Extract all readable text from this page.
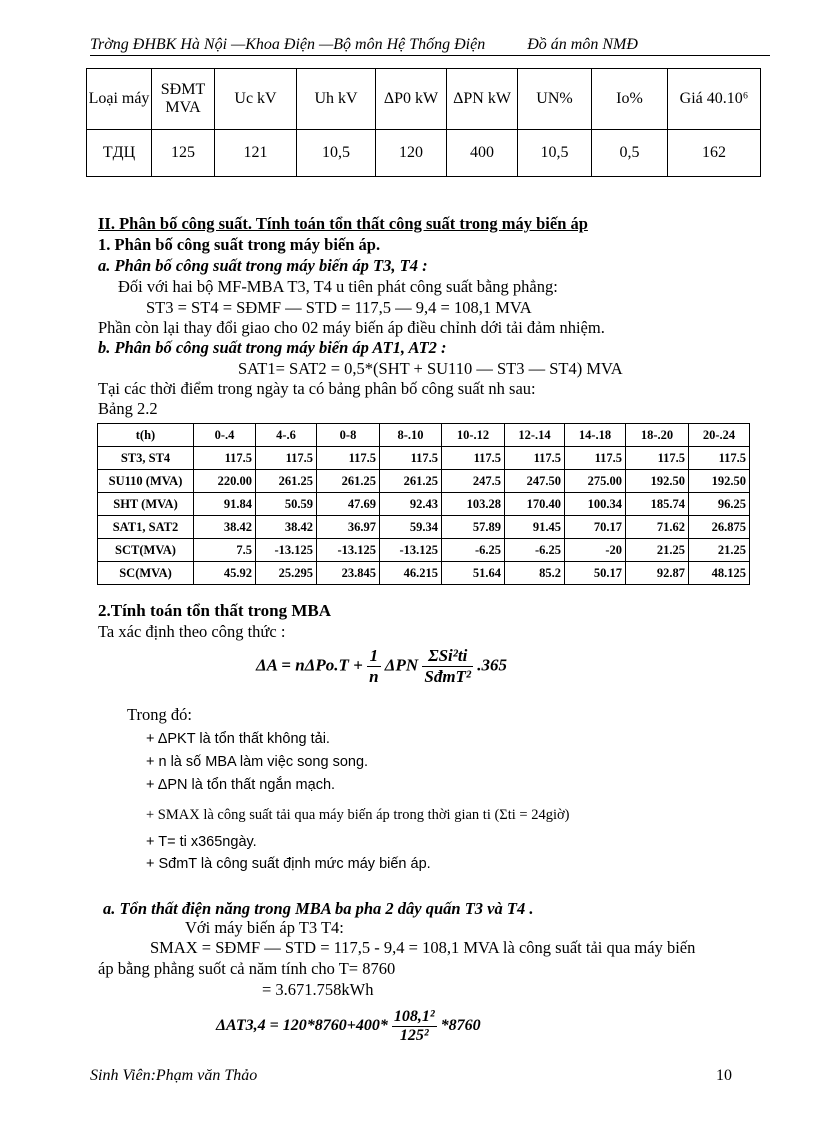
Trờng ĐHBK Hà Nội —Khoa Điện —Bộ môn Hệ Thống Điện	Đồ án môn NMĐ
Loại máy	SĐMT MVA	Uc kV	Uh kV	ΔP0 kW	ΔPN kW	UN%	Io%	Giá 40.10⁶
TДЦ	125	121	10,5	120	400	10,5	0,5	162
II. Phân bố công suất. Tính toán tổn thất công suất trong máy biến áp
1. Phân bố công suất trong máy biến áp.
a. Phân bố công suất trong máy biến áp T3, T4 :
Đối với hai bộ MF-MBA T3, T4 u tiên phát công suất bằng phẳng:
ST3 = ST4 = SĐMF — STD = 117,5 — 9,4 = 108,1 MVA
Phần còn lại thay đổi giao cho 02 máy biến áp điều chỉnh dới tải đảm nhiệm.
b. Phân bố công suất trong máy biến áp AT1, AT2 :
SAT1= SAT2 = 0,5*(SHT + SU110 — ST3 — ST4) MVA
Tại các thời điểm trong ngày ta có bảng phân bố công suất nh sau:
Bảng 2.2
t(h)	0-.4	4-.6	0-8	8-.10	10-.12	12-.14	14-.18	18-.20	20-.24
ST3, ST4	117.5	117.5	117.5	117.5	117.5	117.5	117.5	117.5	117.5
SU110 (MVA)	220.00	261.25	261.25	261.25	247.5	247.50	275.00	192.50	192.50
SHT (MVA)	91.84	50.59	47.69	92.43	103.28	170.40	100.34	185.74	96.25
SAT1, SAT2	38.42	38.42	36.97	59.34	57.89	91.45	70.17	71.62	26.875
SCT(MVA)	7.5	-13.125	-13.125	-13.125	-6.25	-6.25	-20	21.25	21.25
SC(MVA)	45.92	25.295	23.845	46.215	51.64	85.2	50.17	92.87	48.125
2.Tính toán tổn thất trong MBA
Ta xác định theo công thức :
$\Delta A = n\Delta Po.T + \frac{1}{n}$ ΔPN $\frac{\text{ΣSi²ti}}{\text{SđmT²}} .365$
Trong đó:
+ ΔPKT là tổn thất không tải.
+ n là số MBA làm việc song song.
+ ΔPN là tổn thất ngắn mạch.
+ SMAX là công suất tải qua máy biến áp trong thời gian ti (Σti = 24giờ)
+ T= ti x365ngày.
+ SđmT là công suất định mức máy biến áp.
a. Tổn thất điện năng trong MBA ba pha 2 dây quấn T3 và T4 .
Với máy biến áp T3 T4:
SMAX = SĐMF — STD = 117,5 - 9,4 = 108,1 MVA là công suất tải qua máy biến
áp bằng phẳng suốt cả năm tính cho T= 8760
= 3.671.758kWh
$\Delta AT3,4 = 120*8760+400* \frac{\text{108,1²}}{\text{125²}} *8760$
Sinh Viên:Phạm văn Thảo	10
